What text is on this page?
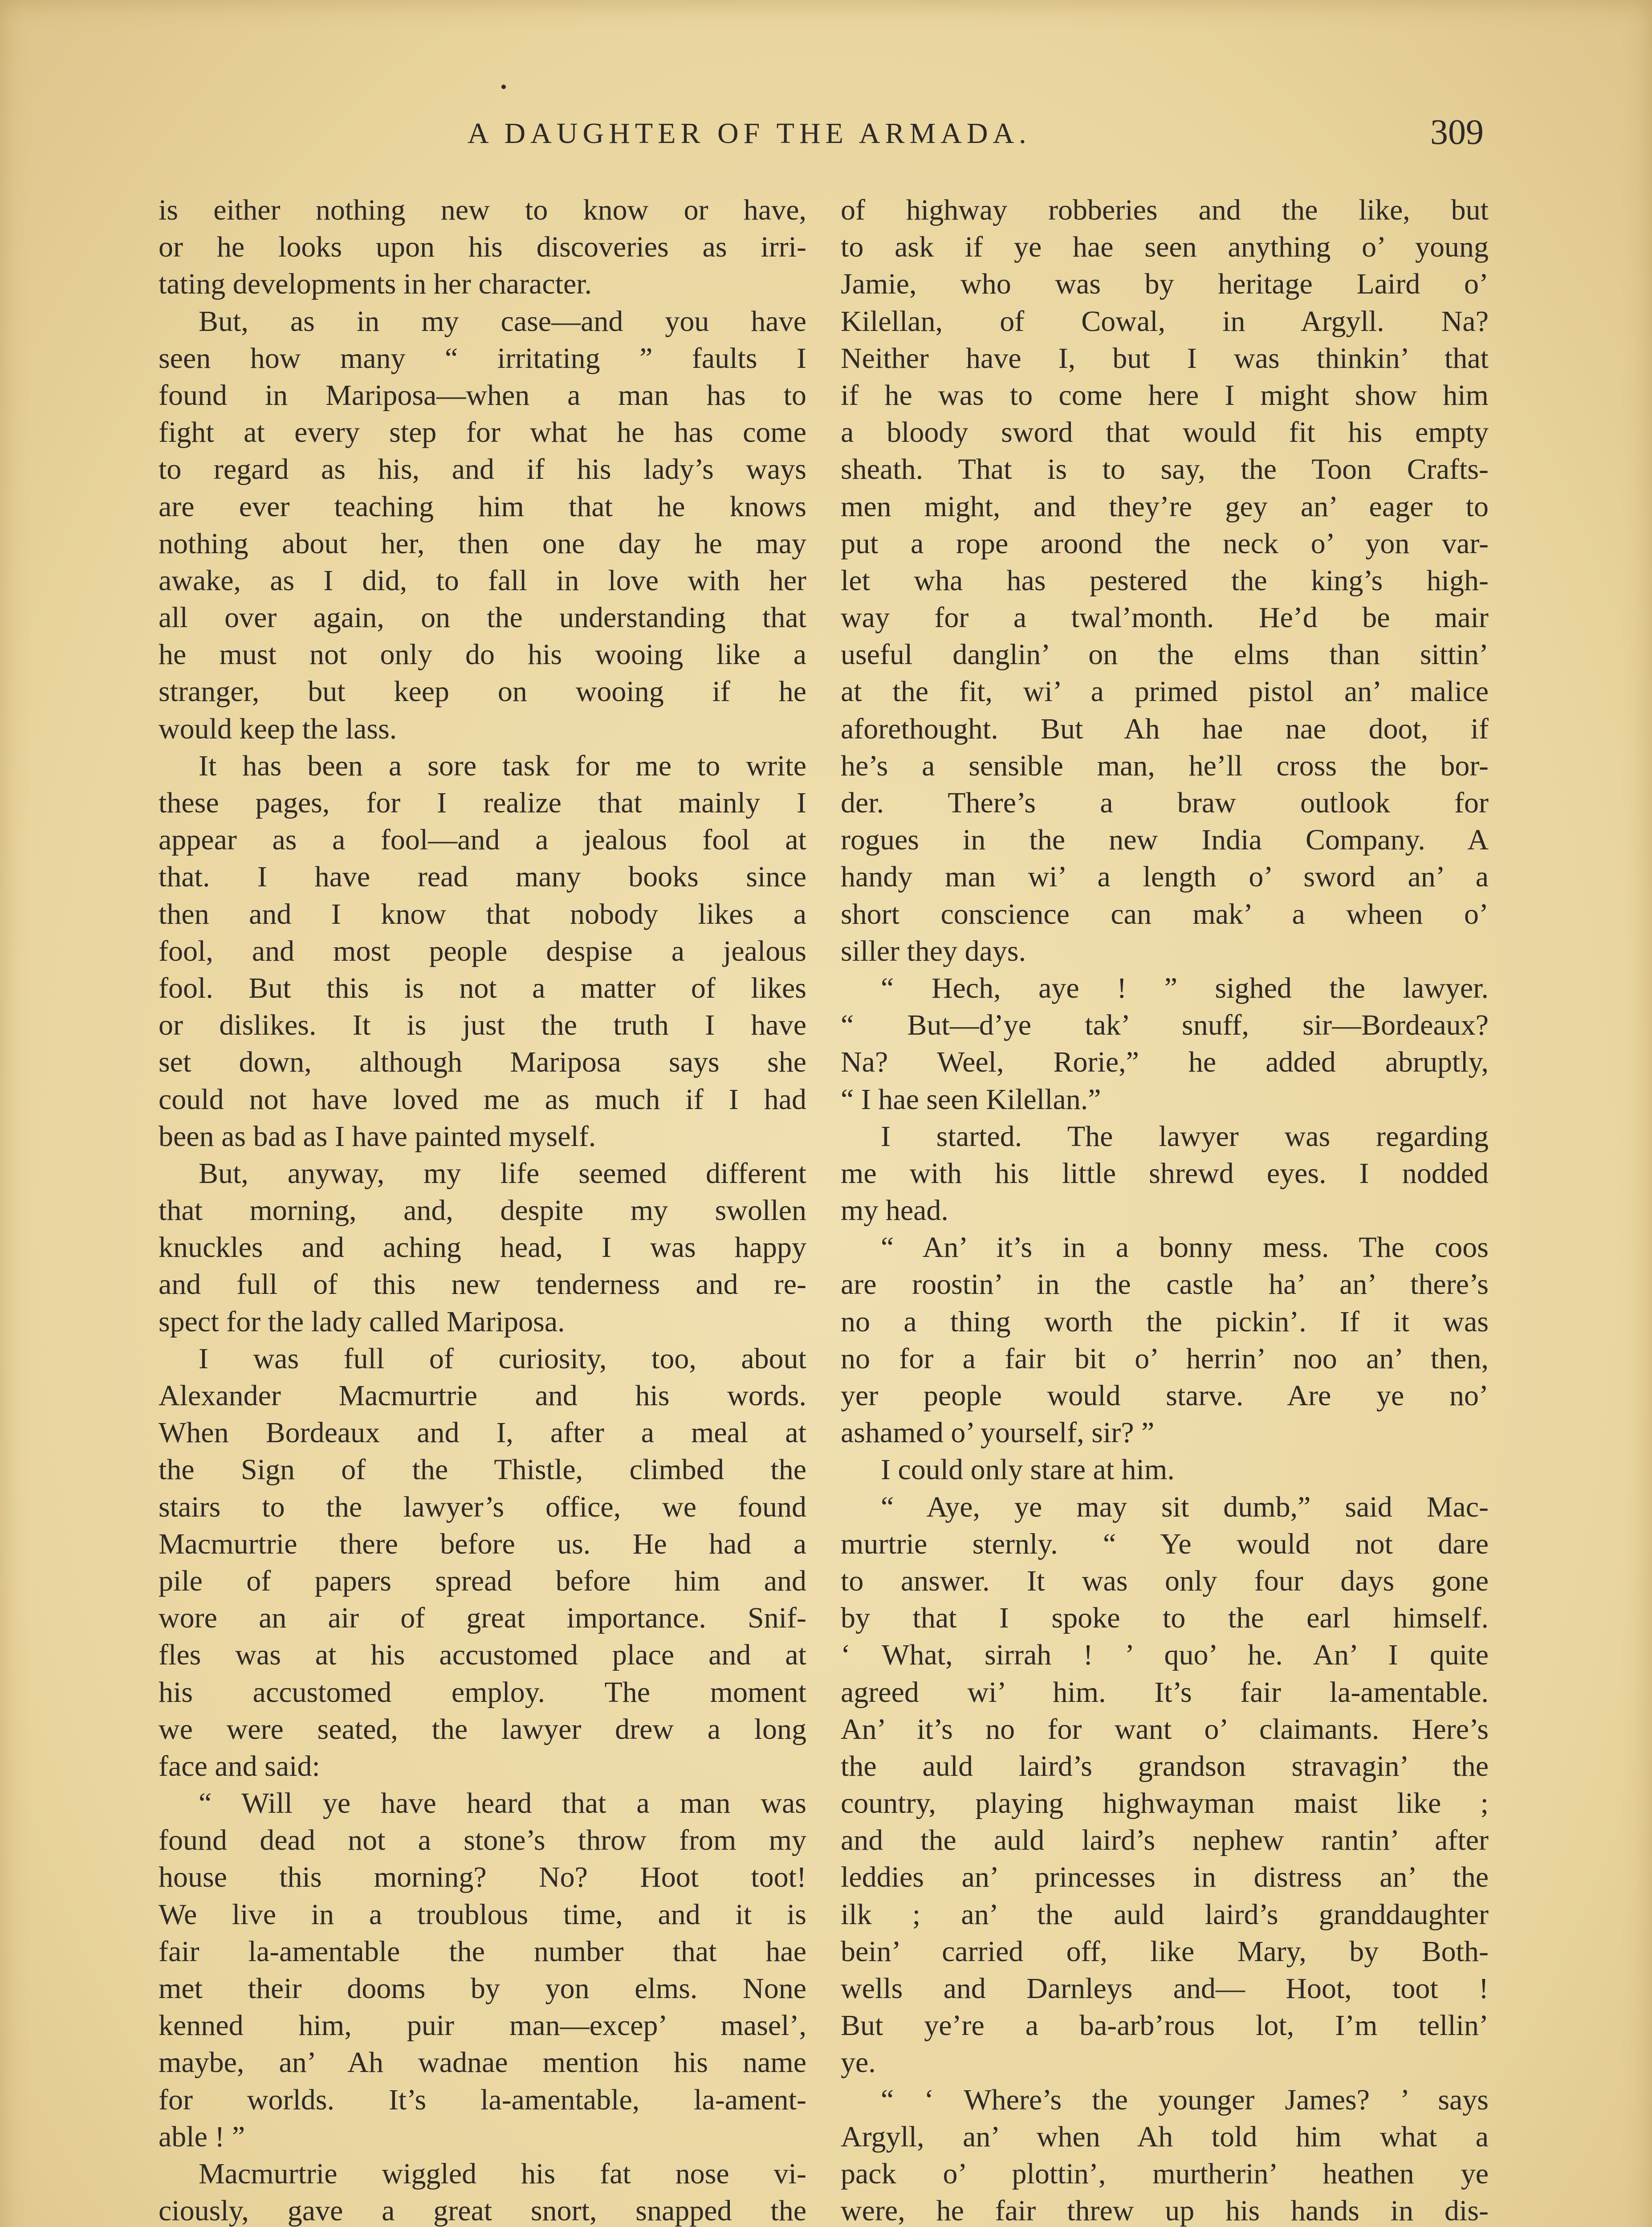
A DAUGHTER OF THE ARMADA.	309
is either nothing new to know or have,
or he looks upon his discoveries as irri-
tating developments in her character.
But, as in my case—and you have
seen how many “ irritating ” faults I
found in Mariposa—when a man has to
fight at every step for what he has come
to regard as his, and if his lady’s ways
are ever teaching him that he knows
nothing about her, then one day he may
awake, as I did, to fall in love with her
all over again, on the understanding that
he must not only do his wooing like a
stranger, but keep on wooing if he
would keep the lass.
It has been a sore task for me to write
these pages, for I realize that mainly I
appear as a fool—and a jealous fool at
that. I have read many books since
then and I know that nobody likes a
fool, and most people despise a jealous
fool. But this is not a matter of likes
or dislikes. It is just the truth I have
set down, although Mariposa says she
could not have loved me as much if I had
been as bad as I have painted myself.
But, anyway, my life seemed different
that morning, and, despite my swollen
knuckles and aching head, I was happy
and full of this new tenderness and re-
spect for the lady called Mariposa.
I was full of curiosity, too, about
Alexander Macmurtrie and his words.
When Bordeaux and I, after a meal at
the Sign of the Thistle, climbed the
stairs to the lawyer’s office, we found
Macmurtrie there before us. He had a
pile of papers spread before him and
wore an air of great importance. Snif-
fles was at his accustomed place and at
his accustomed employ. The moment
we were seated, the lawyer drew a long
face and said:
“ Will ye have heard that a man was
found dead not a stone’s throw from my
house this morning? No? Hoot toot!
We live in a troublous time, and it is
fair la-amentable the number that hae
met their dooms by yon elms. None
kenned him, puir man—excep’ masel’,
maybe, an’ Ah wadnae mention his name
for worlds. It’s la-amentable, la-ament-
able ! ”
Macmurtrie wiggled his fat nose vi-
ciously, gave a great snort, snapped the
of highway robberies and the like, but
to ask if ye hae seen anything o’ young
Jamie, who was by heritage Laird o’
Kilellan, of Cowal, in Argyll. Na?
Neither have I, but I was thinkin’ that
if he was to come here I might show him
a bloody sword that would fit his empty
sheath. That is to say, the Toon Crafts-
men might, and they’re gey an’ eager to
put a rope aroond the neck o’ yon var-
let wha has pestered the king’s high-
way for a twal’month. He’d be mair
useful danglin’ on the elms than sittin’
at the fit, wi’ a primed pistol an’ malice
aforethought. But Ah hae nae doot, if
he’s a sensible man, he’ll cross the bor-
der. There’s a braw outlook for
rogues in the new India Company. A
handy man wi’ a length o’ sword an’ a
short conscience can mak’ a wheen o’
siller they days.
“ Hech, aye ! ” sighed the lawyer.
“ But—d’ye tak’ snuff, sir—Bordeaux?
Na? Weel, Rorie,” he added abruptly,
“ I hae seen Kilellan.”
I started. The lawyer was regarding
me with his little shrewd eyes. I nodded
my head.
“ An’ it’s in a bonny mess. The coos
are roostin’ in the castle ha’ an’ there’s
no a thing worth the pickin’. If it was
no for a fair bit o’ herrin’ noo an’ then,
yer people would starve. Are ye no’
ashamed o’ yourself, sir? ”
I could only stare at him.
“ Aye, ye may sit dumb,” said Mac-
murtrie sternly. “ Ye would not dare
to answer. It was only four days gone
by that I spoke to the earl himself.
‘ What, sirrah ! ’ quo’ he. An’ I quite
agreed wi’ him. It’s fair la-amentable.
An’ it’s no for want o’ claimants. Here’s
the auld laird’s grandson stravagin’ the
country, playing highwayman maist like ;
and the auld laird’s nephew rantin’ after
leddies an’ princesses in distress an’ the
ilk ; an’ the auld laird’s granddaughter
bein’ carried off, like Mary, by Both-
wells and Darnleys and— Hoot, toot !
But ye’re a ba-arb’rous lot, I’m tellin’
ye.
“ ‘ Where’s the younger James? ’ says
Argyll, an’ when Ah told him what a
pack o’ plottin’, murtherin’ heathen ye
were, he fair threw up his hands in dis-
